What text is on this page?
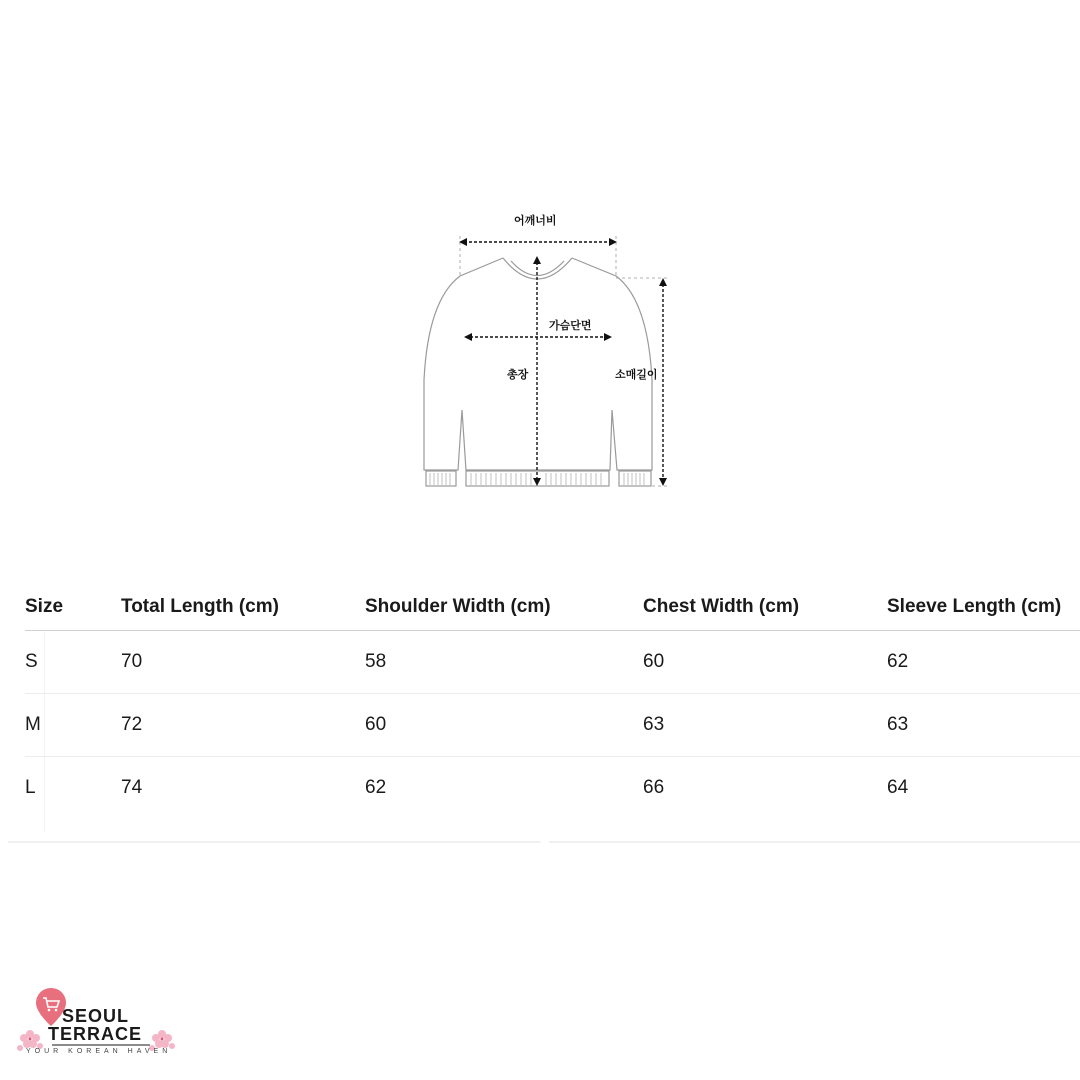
어깨너비
가슴단면
총장	소매길이
Size	Total Length (cm)	Shoulder Width (cm)	Chest Width (cm)	Sleeve Length (cm)
S	70	58	60	62
M	72	60	63	63
L	74	62	66	64
SEOUL
TERRACE
YOUR KOREAN HAVEN
